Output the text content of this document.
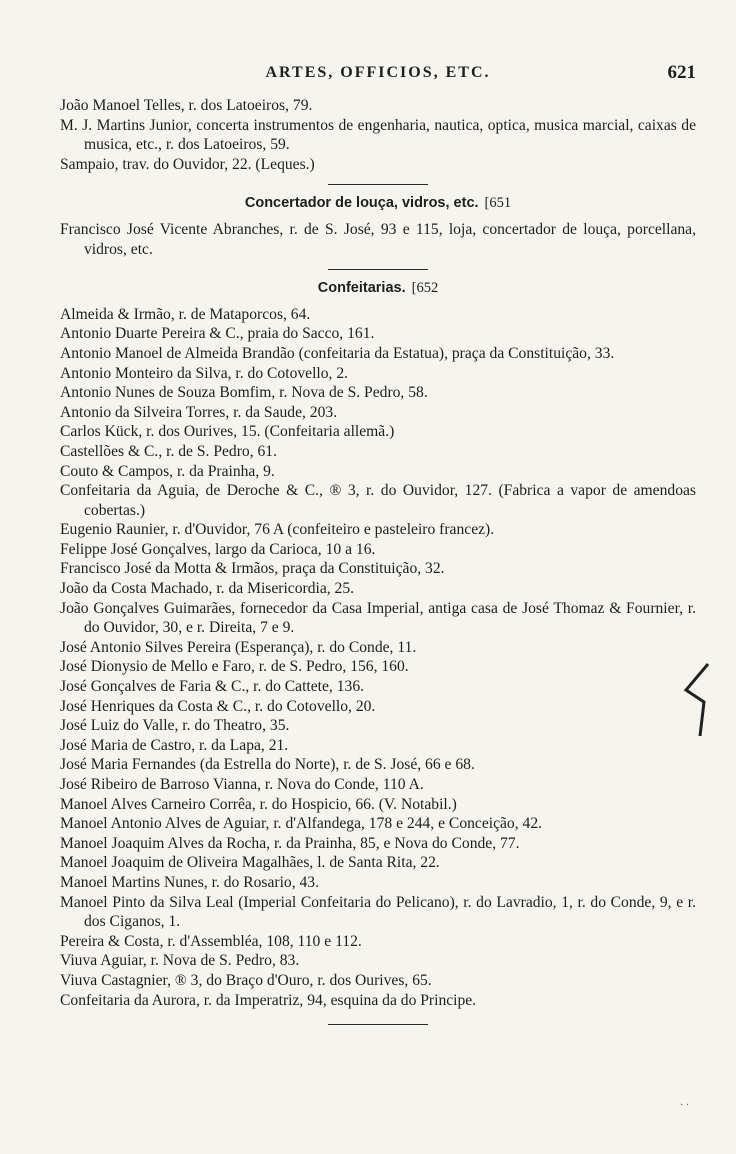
ARTES, OFFICIOS, ETC.	621
João Manoel Telles, r. dos Latoeiros, 79.
M. J. Martins Junior, concerta instrumentos de engenharia, nautica, optica, musica marcial, caixas de musica, etc., r. dos Latoeiros, 59.
Sampaio, trav. do Ouvidor, 22. (Leques.)
Concertador de louça, vidros, etc. [651
Francisco José Vicente Abranches, r. de S. José, 93 e 115, loja, concertador de louça, porcellana, vidros, etc.
Confeitarias. [652
Almeida & Irmão, r. de Mataporcos, 64.
Antonio Duarte Pereira & C., praia do Sacco, 161.
Antonio Manoel de Almeida Brandão (confeitaria da Estatua), praça da Constituição, 33.
Antonio Monteiro da Silva, r. do Cotovello, 2.
Antonio Nunes de Souza Bomfim, r. Nova de S. Pedro, 58.
Antonio da Silveira Torres, r. da Saude, 203.
Carlos Kück, r. dos Ourives, 15. (Confeitaria allemã.)
Castellões & C., r. de S. Pedro, 61.
Couto & Campos, r. da Prainha, 9.
Confeitaria da Aguia, de Deroche & C., ® 3, r. do Ouvidor, 127. (Fabrica a vapor de amendoas cobertas.)
Eugenio Raunier, r. d'Ouvidor, 76 A (confeiteiro e pasteleiro francez).
Felippe José Gonçalves, largo da Carioca, 10 a 16.
Francisco José da Motta & Irmãos, praça da Constituição, 32.
João da Costa Machado, r. da Misericordia, 25.
João Gonçalves Guimarães, fornecedor da Casa Imperial, antiga casa de José Thomaz & Fournier, r. do Ouvidor, 30, e r. Direita, 7 e 9.
José Antonio Silves Pereira (Esperança), r. do Conde, 11.
José Dionysio de Mello e Faro, r. de S. Pedro, 156, 160.
José Gonçalves de Faria & C., r. do Cattete, 136.
José Henriques da Costa & C., r. do Cotovello, 20.
José Luiz do Valle, r. do Theatro, 35.
José Maria de Castro, r. da Lapa, 21.
José Maria Fernandes (da Estrella do Norte), r. de S. José, 66 e 68.
José Ribeiro de Barroso Vianna, r. Nova do Conde, 110 A.
Manoel Alves Carneiro Corrêa, r. do Hospicio, 66. (V. Notabil.)
Manoel Antonio Alves de Aguiar, r. d'Alfandega, 178 e 244, e Conceição, 42.
Manoel Joaquim Alves da Rocha, r. da Prainha, 85, e Nova do Conde, 77.
Manoel Joaquim de Oliveira Magalhães, l. de Santa Rita, 22.
Manoel Martins Nunes, r. do Rosario, 43.
Manoel Pinto da Silva Leal (Imperial Confeitaria do Pelicano), r. do Lavradio, 1, r. do Conde, 9, e r. dos Ciganos, 1.
Pereira & Costa, r. d'Assembléa, 108, 110 e 112.
Viuva Aguiar, r. Nova de S. Pedro, 83.
Viuva Castagnier, ® 3, do Braço d'Ouro, r. dos Ourives, 65.
Confeitaria da Aurora, r. da Imperatriz, 94, esquina da do Principe.
· ·
